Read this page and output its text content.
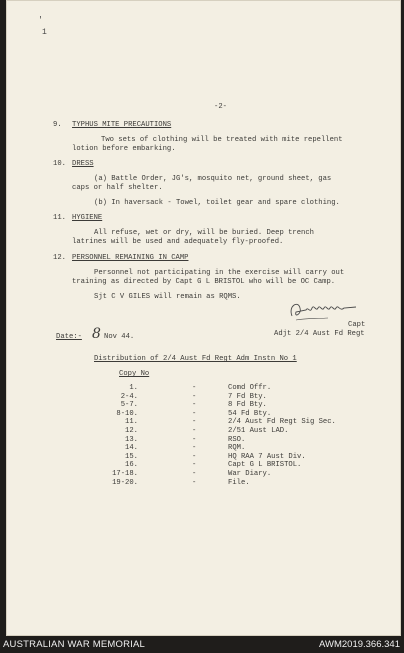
'
1
-2-
9. TYPHUS MITE PRECAUTIONS
Two sets of clothing will be treated with mite repellent
lotion before embarking.
10. DRESS
(a) Battle Order, JG's, mosquito net, ground sheet, gas
caps or half shelter.
(b) In haversack - Towel, toilet gear and spare clothing.
11. HYGIENE
All refuse, wet or dry, will be buried. Deep trench
latrines will be used and adequately fly-proofed.
12. PERSONNEL REMAINING IN CAMP
Personnel not participating in the exercise will carry out
training as directed by Capt G L BRISTOL who will be OC Camp.
Sjt C V GILES will remain as RQMS.
Capt
Adjt 2/4 Aust Fd Regt
Date:- 8 Nov 44.
Distribution of 2/4 Aust Fd Regt Adm Instn No 1
Copy No
1.	-	Comd Offr.
2-4.	-	7 Fd Bty.
5-7.	-	8 Fd Bty.
8-10.	-	54 Fd Bty.
11.	-	2/4 Aust Fd Regt Sig Sec.
12.	-	2/51 Aust LAD.
13.	-	RSO.
14.	-	RQM.
15.	-	HQ RAA 7 Aust Div.
16.	-	Capt G L BRISTOL.
17-18.	-	War Diary.
19-20.	-	File.
AUSTRALIAN WAR MEMORIAL	AWM2019.366.341
